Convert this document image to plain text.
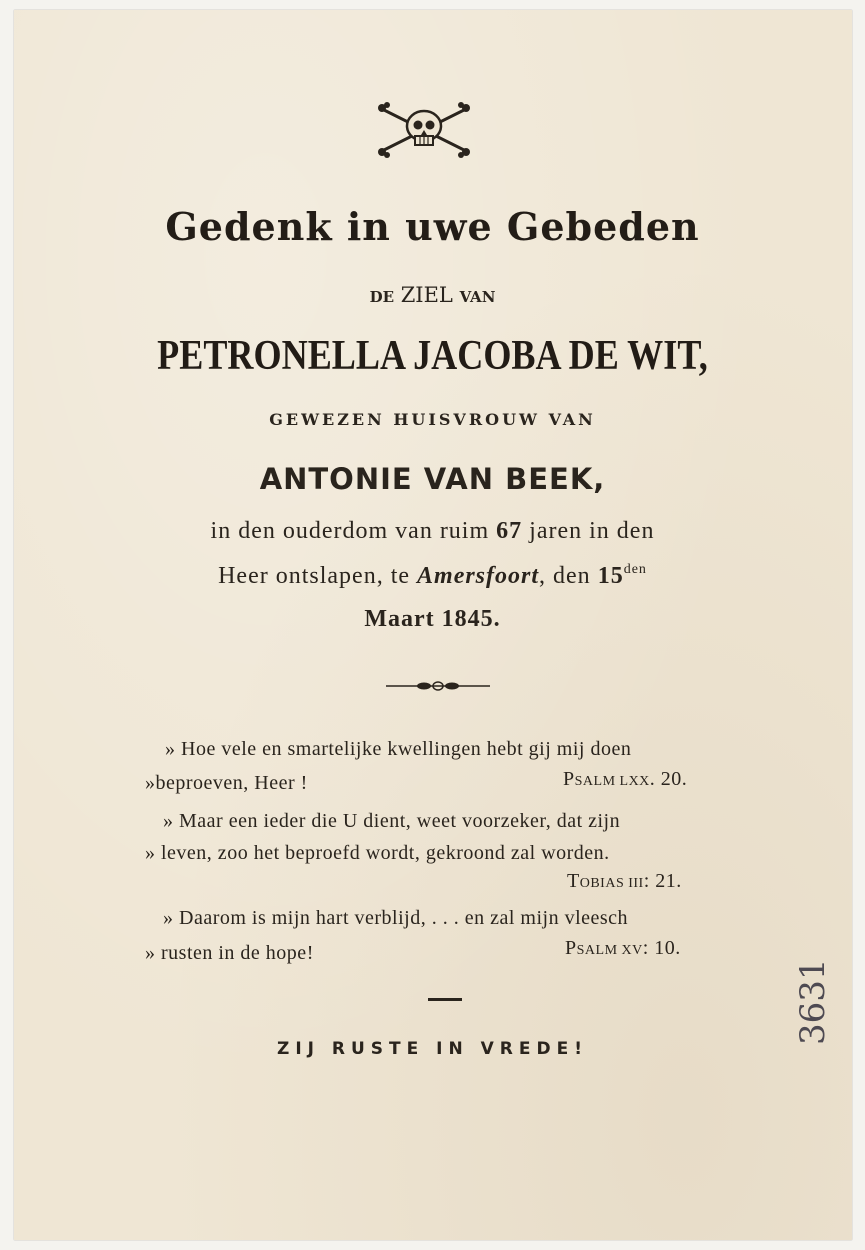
Gedenk in uwe Gebeden
DE ZIEL VAN
PETRONELLA JACOBA DE WIT,
GEWEZEN HUISVROUW VAN
ANTONIE VAN BEEK,
in den ouderdom van ruim 67 jaren in den
Heer ontslapen, te Amersfoort, den $15^{den}$
Maart 1845.
» Hoe vele en smartelijke kwellingen hebt gij mij doen
»beproeven, Heer !	PSALM LXX. 20.
» Maar een ieder die U dient, weet voorzeker, dat zijn
» leven, zoo het beproefd wordt, gekroond zal worden.
TOBIAS III: 21.
» Daarom is mijn hart verblijd, . . . en zal mijn vleesch
» rusten in de hope!	PSALM XV: 10.
ZIJ RUSTE IN VREDE!
3631
